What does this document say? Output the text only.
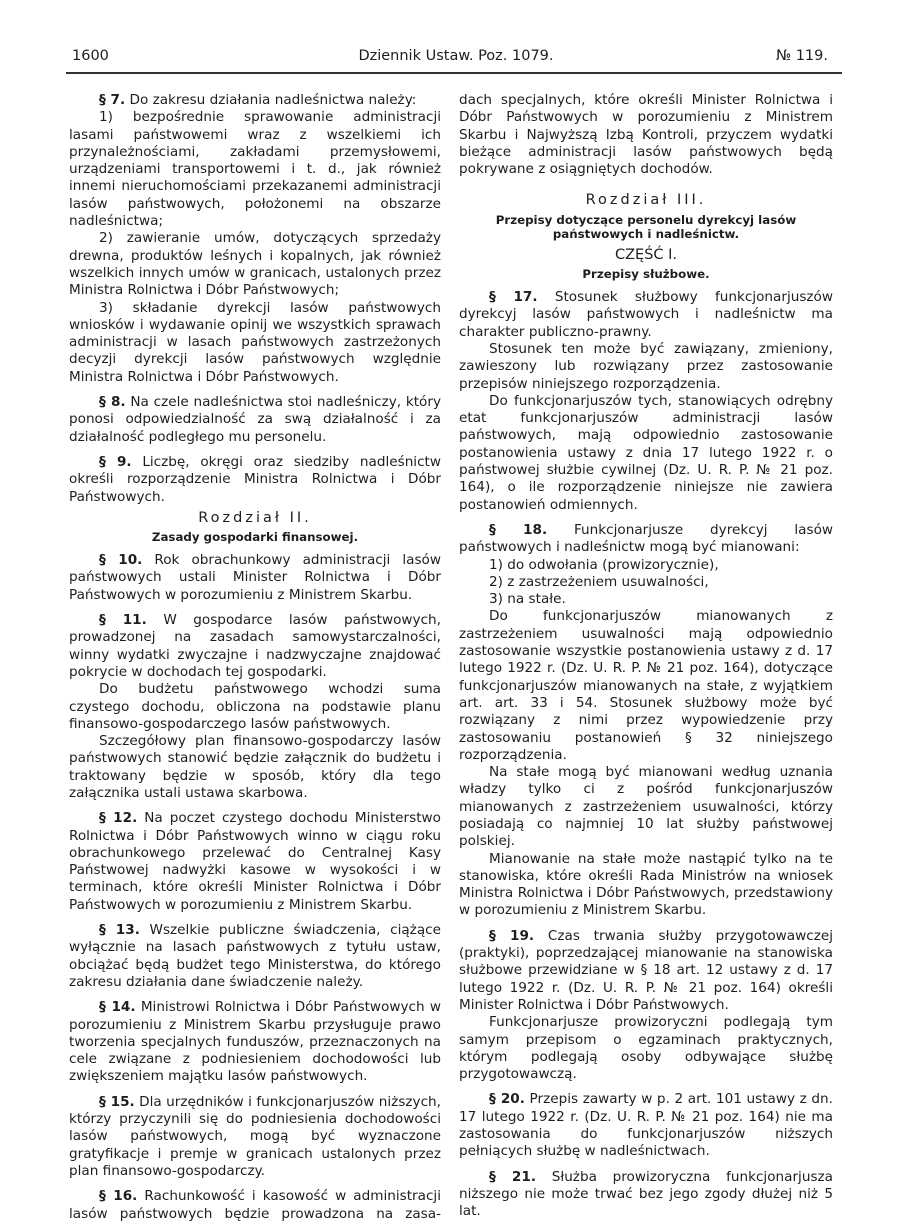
1600	Dziennik Ustaw. Poz. 1079.	№ 119.

§ 7. Do zakresu działania nadleśnictwa należy:

1) bezpośrednie sprawowanie administracji lasami państwowemi wraz z wszelkiemi ich przynależnościami, zakładami przemysłowemi, urządzeniami transportowemi i t. d., jak również innemi nieruchomościami przekazanemi administracji lasów państwowych, położonemi na obszarze nadleśnictwa;

2) zawieranie umów, dotyczących sprzedaży drewna, produktów leśnych i kopalnych, jak również wszelkich innych umów w granicach, ustalonych przez Ministra Rolnictwa i Dóbr Państwowych;

3) składanie dyrekcji lasów państwowych wniosków i wydawanie opinij we wszystkich sprawach administracji w lasach państwowych zastrzeżonych decyzji dyrekcji lasów państwowych względnie Ministra Rolnictwa i Dóbr Państwowych.

§ 8. Na czele nadleśnictwa stoi nadleśniczy, który ponosi odpowiedzialność za swą działalność i za działalność podległego mu personelu.

§ 9. Liczbę, okręgi oraz siedziby nadleśnictw określi rozporządzenie Ministra Rolnictwa i Dóbr Państwowych.

Rozdział II.
Zasady gospodarki finansowej.

§ 10. Rok obrachunkowy administracji lasów państwowych ustali Minister Rolnictwa i Dóbr Państwowych w porozumieniu z Ministrem Skarbu.

§ 11. W gospodarce lasów państwowych, prowadzonej na zasadach samowystarczalności, winny wydatki zwyczajne i nadzwyczajne znajdować pokrycie w dochodach tej gospodarki.

Do budżetu państwowego wchodzi suma czystego dochodu, obliczona na podstawie planu finansowo-gospodarczego lasów państwowych.

Szczegółowy plan finansowo-gospodarczy lasów państwowych stanowić będzie załącznik do budżetu i traktowany będzie w sposób, który dla tego załącznika ustali ustawa skarbowa.

§ 12. Na poczet czystego dochodu Ministerstwo Rolnictwa i Dóbr Państwowych winno w ciągu roku obrachunkowego przelewać do Centralnej Kasy Państwowej nadwyżki kasowe w wysokości i w terminach, które określi Minister Rolnictwa i Dóbr Państwowych w porozumieniu z Ministrem Skarbu.

§ 13. Wszelkie publiczne świadczenia, ciążące wyłącznie na lasach państwowych z tytułu ustaw, obciążać będą budżet tego Ministerstwa, do którego zakresu działania dane świadczenie należy.

§ 14. Ministrowi Rolnictwa i Dóbr Państwowych w porozumieniu z Ministrem Skarbu przysługuje prawo tworzenia specjalnych funduszów, przeznaczonych na cele związane z podniesieniem dochodowości lub zwiększeniem majątku lasów państwowych.

§ 15. Dla urzędników i funkcjonarjuszów niższych, którzy przyczynili się do podniesienia dochodowości lasów państwowych, mogą być wyznaczone gratyfikacje i premje w granicach ustalonych przez plan finansowo-gospodarczy.

§ 16. Rachunkowość i kasowość w administracji lasów państwowych będzie prowadzona na zasa-

dach specjalnych, które określi Minister Rolnictwa i Dóbr Państwowych w porozumieniu z Ministrem Skarbu i Najwyższą Izbą Kontroli, przyczem wydatki bieżące administracji lasów państwowych będą pokrywane z osiągniętych dochodów.

Rozdział III.
Przepisy dotyczące personelu dyrekcyj lasów państwowych i nadleśnictw.
CZĘŚĆ I.
Przepisy służbowe.

§ 17. Stosunek służbowy funkcjonarjuszów dyrekcyj lasów państwowych i nadleśnictw ma charakter publiczno-prawny.

Stosunek ten może być zawiązany, zmieniony, zawieszony lub rozwiązany przez zastosowanie przepisów niniejszego rozporządzenia.

Do funkcjonarjuszów tych, stanowiących odrębny etat funkcjonarjuszów administracji lasów państwowych, mają odpowiednio zastosowanie postanowienia ustawy z dnia 17 lutego 1922 r. o państwowej służbie cywilnej (Dz. U. R. P. № 21 poz. 164), o ile rozporządzenie niniejsze nie zawiera postanowień odmiennych.

§ 18. Funkcjonarjusze dyrekcyj lasów państwowych i nadleśnictw mogą być mianowani:

1) do odwołania (prowizorycznie),

2) z zastrzeżeniem usuwalności,

3) na stałe.

Do funkcjonarjuszów mianowanych z zastrzeżeniem usuwalności mają odpowiednio zastosowanie wszystkie postanowienia ustawy z d. 17 lutego 1922 r. (Dz. U. R. P. № 21 poz. 164), dotyczące funkcjonarjuszów mianowanych na stałe, z wyjątkiem art. art. 33 i 54. Stosunek służbowy może być rozwiązany z nimi przez wypowiedzenie przy zastosowaniu postanowień § 32 niniejszego rozporządzenia.

Na stałe mogą być mianowani według uznania władzy tylko ci z pośród funkcjonarjuszów mianowanych z zastrzeżeniem usuwalności, którzy posiadają co najmniej 10 lat służby państwowej polskiej.

Mianowanie na stałe może nastąpić tylko na te stanowiska, które określi Rada Ministrów na wniosek Ministra Rolnictwa i Dóbr Państwowych, przedstawiony w porozumieniu z Ministrem Skarbu.

§ 19. Czas trwania służby przygotowawczej (praktyki), poprzedzającej mianowanie na stanowiska służbowe przewidziane w § 18 art. 12 ustawy z d. 17 lutego 1922 r. (Dz. U. R. P. № 21 poz. 164) określi Minister Rolnictwa i Dóbr Państwowych.

Funkcjonarjusze prowizoryczni podlegają tym samym przepisom o egzaminach praktycznych, którym podlegają osoby odbywające służbę przygotowawczą.

§ 20. Przepis zawarty w p. 2 art. 101 ustawy z dn. 17 lutego 1922 r. (Dz. U. R. P. № 21 poz. 164) nie ma zastosowania do funkcjonarjuszów niższych pełniących służbę w nadleśnictwach.

§ 21. Służba prowizoryczna funkcjonarjusza niższego nie może trwać bez jego zgody dłużej niż 5 lat.
